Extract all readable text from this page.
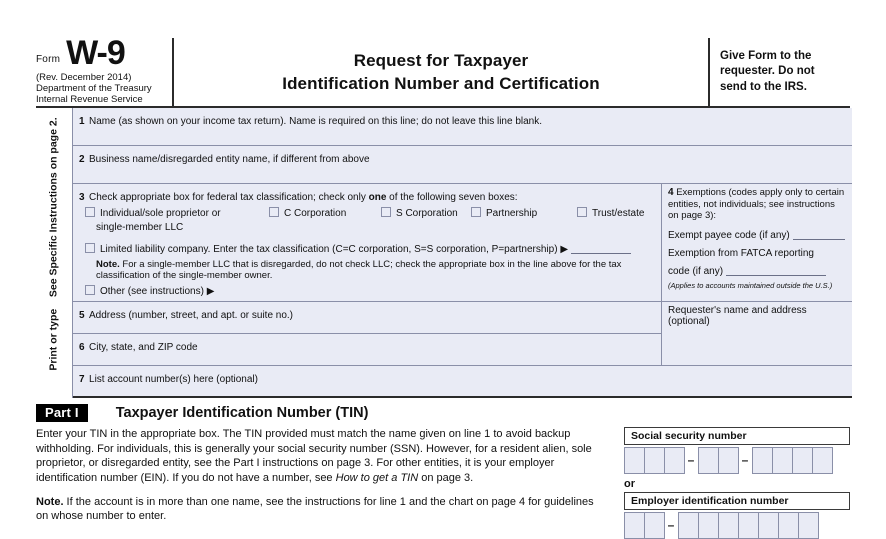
Form W-9
(Rev. December 2014)
Department of the Treasury
Internal Revenue Service
Request for Taxpayer
Identification Number and Certification
Give Form to the
requester. Do not
send to the IRS.
Print or type    See Specific Instructions on page 2.	1 Name (as shown on your income tax return). Name is required on this line; do not leave this line blank.
2 Business name/disregarded entity name, if different from above
3 Check appropriate box for federal tax classification; check only one of the following seven boxes:
Individual/sole proprietor or	C Corporation	S Corporation	Partnership	Trust/estate
single-member LLC
Limited liability company. Enter the tax classification (C=C corporation, S=S corporation, P=partnership) ▶
Note. For a single-member LLC that is disregarded, do not check LLC; check the appropriate box in the line above for the tax classification of the single-member owner.
Other (see instructions) ▶
4 Exemptions (codes apply only to certain entities, not individuals; see instructions on page 3):
Exempt payee code (if any)
Exemption from FATCA reporting
code (if any)
(Applies to accounts maintained outside the U.S.)
5 Address (number, street, and apt. or suite no.)
6 City, state, and ZIP code
Requester's name and address (optional)
7 List account number(s) here (optional)
Part I	Taxpayer Identification Number (TIN)

Enter your TIN in the appropriate box. The TIN provided must match the name given on line 1 to avoid backup withholding. For individuals, this is generally your social security number (SSN). However, for a resident alien, sole proprietor, or disregarded entity, see the Part I instructions on page 3. For other entities, it is your employer identification number (EIN). If you do not have a number, see How to get a TIN on page 3.

Note. If the account is in more than one name, see the instructions for line 1 and the chart on page 4 for guidelines on whose number to enter.

Social security number
–	–
or
Employer identification number
–
